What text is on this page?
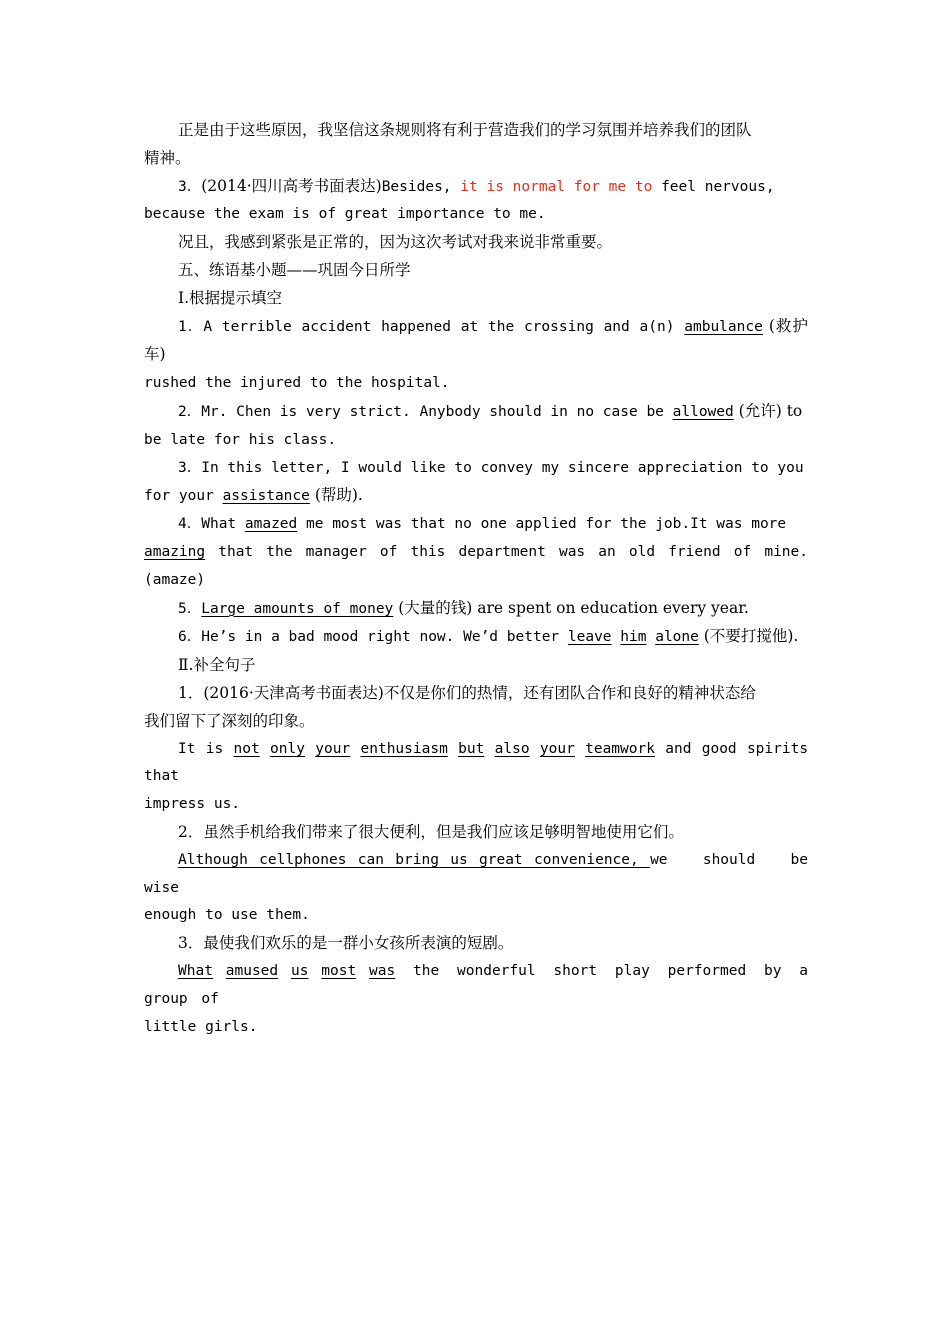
正是由于这些原因，我坚信这条规则将有利于营造我们的学习氛围并培养我们的团队
精神。

3．(2014·四川高考书面表达)Besides, it is normal for me to feel nervous,
because the exam is of great importance to me.

况且，我感到紧张是正常的，因为这次考试对我来说非常重要。

五、练语基小题——巩固今日所学

Ⅰ.根据提示填空

1．A terrible accident happened at the crossing and a(n) ambulance (救护车)
rushed the injured to the hospital.

2．Mr. Chen is very strict. Anybody should in no case be allowed (允许) to
be late for his class.

3．In this letter, I would like to convey my sincere appreciation to you
for your assistance (帮助).

4．What amazed me most was that no one applied for the job.It was more
amazing that the manager of this department was an old friend of mine.(amaze)

5．Large amounts of money (大量的钱) are spent on education every year.

6．He’s in a bad mood right now. We’d better leave him alone (不要打搅他).

Ⅱ.补全句子

1．(2016·天津高考书面表达)不仅是你们的热情，还有团队合作和良好的精神状态给
我们留下了深刻的印象。

It is not only your enthusiasm but also your teamwork and good spirits that
impress us.

2．虽然手机给我们带来了很大便利，但是我们应该足够明智地使用它们。

Although cellphones can bring us great convenience, we should be wise
enough to use them.

3．最使我们欢乐的是一群小女孩所表演的短剧。

What amused us most was the wonderful short play performed by a group of
little girls.
